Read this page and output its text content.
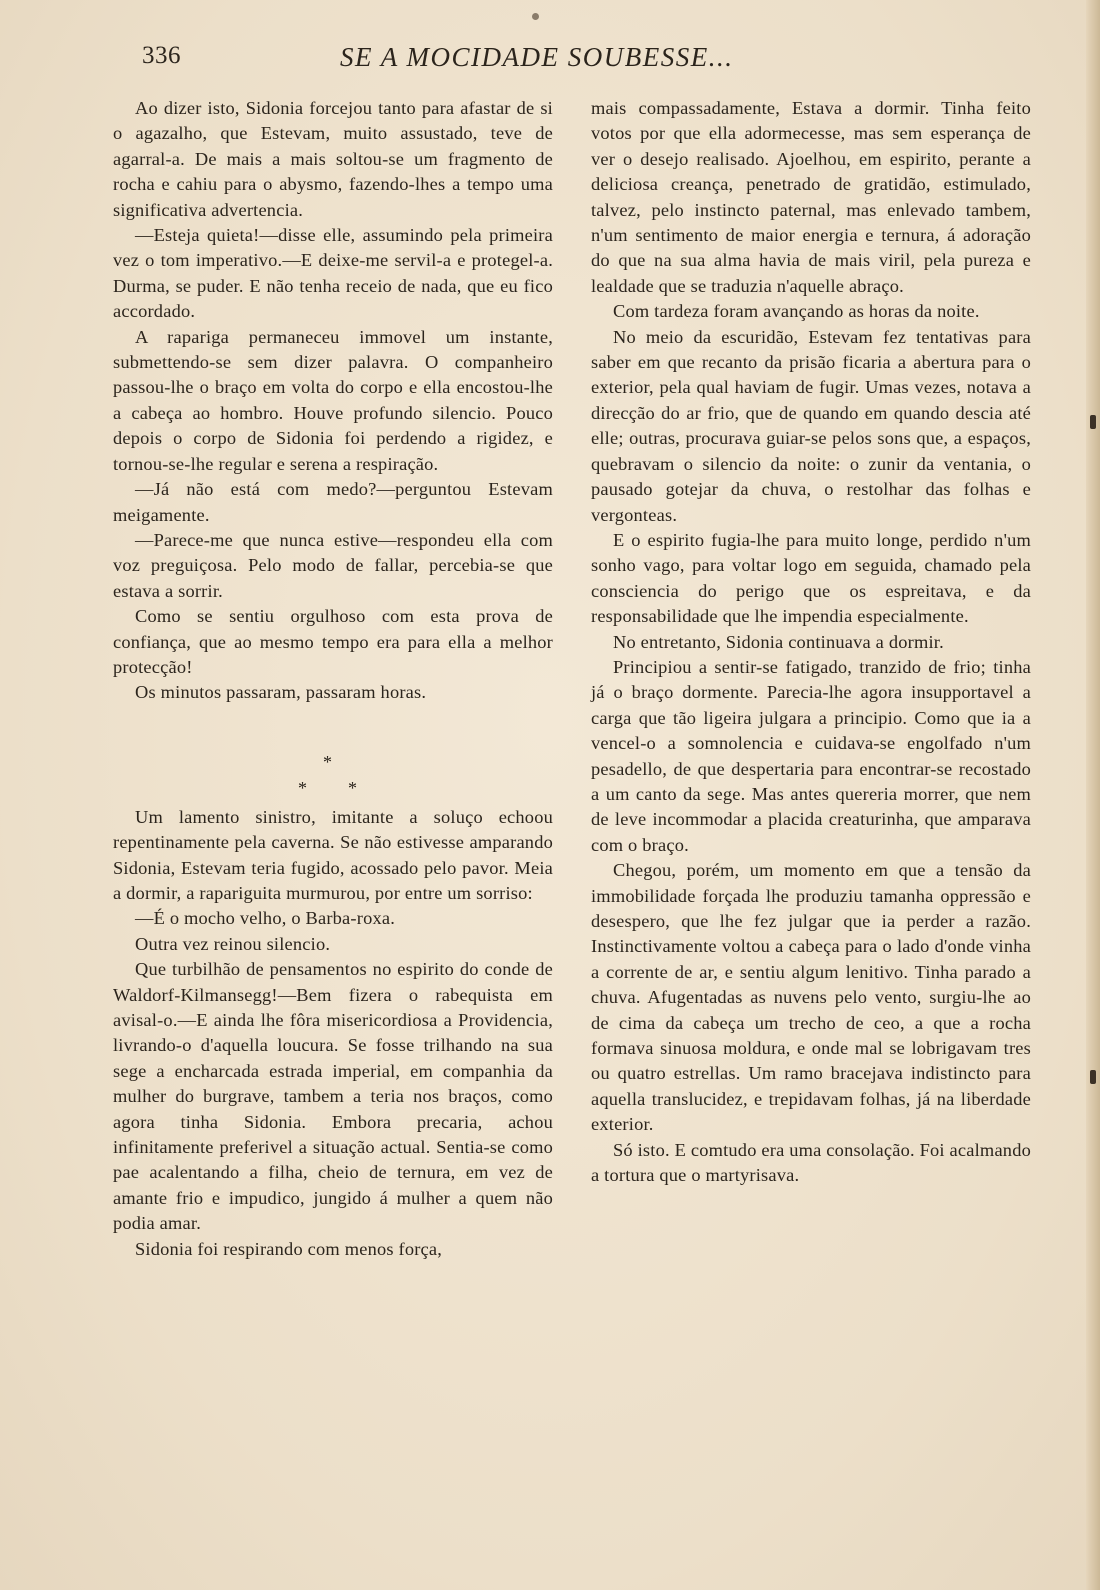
336	SE A MOCIDADE SOUBESSE...

Ao dizer isto, Sidonia forcejou tanto para afastar de si o agazalho, que Estevam, muito assustado, teve de agarral-a. De mais a mais soltou-se um fragmento de rocha e cahiu para o abysmo, fazendo-lhes a tempo uma significativa advertencia.

—Esteja quieta!—disse elle, assumindo pela primeira vez o tom imperativo.—E deixe-me servil-a e protegel-a. Durma, se puder. E não tenha receio de nada, que eu fico accordado.

A rapariga permaneceu immovel um instante, submettendo-se sem dizer palavra. O companheiro passou-lhe o braço em volta do corpo e ella encostou-lhe a cabeça ao hombro. Houve profundo silencio. Pouco depois o corpo de Sidonia foi perdendo a rigidez, e tornou-se-lhe regular e serena a respiração.

—Já não está com medo?—perguntou Estevam meigamente.

—Parece-me que nunca estive—respondeu ella com voz preguiçosa. Pelo modo de fallar, percebia-se que estava a sorrir.

Como se sentiu orgulhoso com esta prova de confiança, que ao mesmo tempo era para ella a melhor protecção!

Os minutos passaram, passaram horas.

*
* *

Um lamento sinistro, imitante a soluço echoou repentinamente pela caverna. Se não estivesse amparando Sidonia, Estevam teria fugido, acossado pelo pavor. Meia a dormir, a rapariguita murmurou, por entre um sorriso:

—É o mocho velho, o Barba-roxa.

Outra vez reinou silencio.

Que turbilhão de pensamentos no espirito do conde de Waldorf-Kilmansegg!—Bem fizera o rabequista em avisal-o.—E ainda lhe fôra misericordiosa a Providencia, livrando-o d'aquella loucura. Se fosse trilhando na sua sege a encharcada estrada imperial, em companhia da mulher do burgrave, tambem a teria nos braços, como agora tinha Sidonia. Embora precaria, achou infinitamente preferivel a situação actual. Sentia-se como pae acalentando a filha, cheio de ternura, em vez de amante frio e impudico, jungido á mulher a quem não podia amar.

Sidonia foi respirando com menos força,

mais compassadamente, Estava a dormir. Tinha feito votos por que ella adormecesse, mas sem esperança de ver o desejo realisado. Ajoelhou, em espirito, perante a deliciosa creança, penetrado de gratidão, estimulado, talvez, pelo instincto paternal, mas enlevado tambem, n'um sentimento de maior energia e ternura, á adoração do que na sua alma havia de mais viril, pela pureza e lealdade que se traduzia n'aquelle abraço.

Com tardeza foram avançando as horas da noite.

No meio da escuridão, Estevam fez tentativas para saber em que recanto da prisão ficaria a abertura para o exterior, pela qual haviam de fugir. Umas vezes, notava a direcção do ar frio, que de quando em quando descia até elle; outras, procurava guiar-se pelos sons que, a espaços, quebravam o silencio da noite: o zunir da ventania, o pausado gotejar da chuva, o restolhar das folhas e vergonteas.

E o espirito fugia-lhe para muito longe, perdido n'um sonho vago, para voltar logo em seguida, chamado pela consciencia do perigo que os espreitava, e da responsabilidade que lhe impendia especialmente.

No entretanto, Sidonia continuava a dormir.

Principiou a sentir-se fatigado, tranzido de frio; tinha já o braço dormente. Parecia-lhe agora insupportavel a carga que tão ligeira julgara a principio. Como que ia a vencel-o a somnolencia e cuidava-se engolfado n'um pesadello, de que despertaria para encontrar-se recostado a um canto da sege. Mas antes quereria morrer, que nem de leve incommodar a placida creaturinha, que amparava com o braço.

Chegou, porém, um momento em que a tensão da immobilidade forçada lhe produziu tamanha oppressão e desespero, que lhe fez julgar que ia perder a razão. Instinctivamente voltou a cabeça para o lado d'onde vinha a corrente de ar, e sentiu algum lenitivo. Tinha parado a chuva. Afugentadas as nuvens pelo vento, surgiu-lhe ao de cima da cabeça um trecho de ceo, a que a rocha formava sinuosa moldura, e onde mal se lobrigavam tres ou quatro estrellas. Um ramo bracejava indistincto para aquella translucidez, e trepidavam folhas, já na liberdade exterior.

Só isto. E comtudo era uma consolação. Foi acalmando a tortura que o martyrisava.
